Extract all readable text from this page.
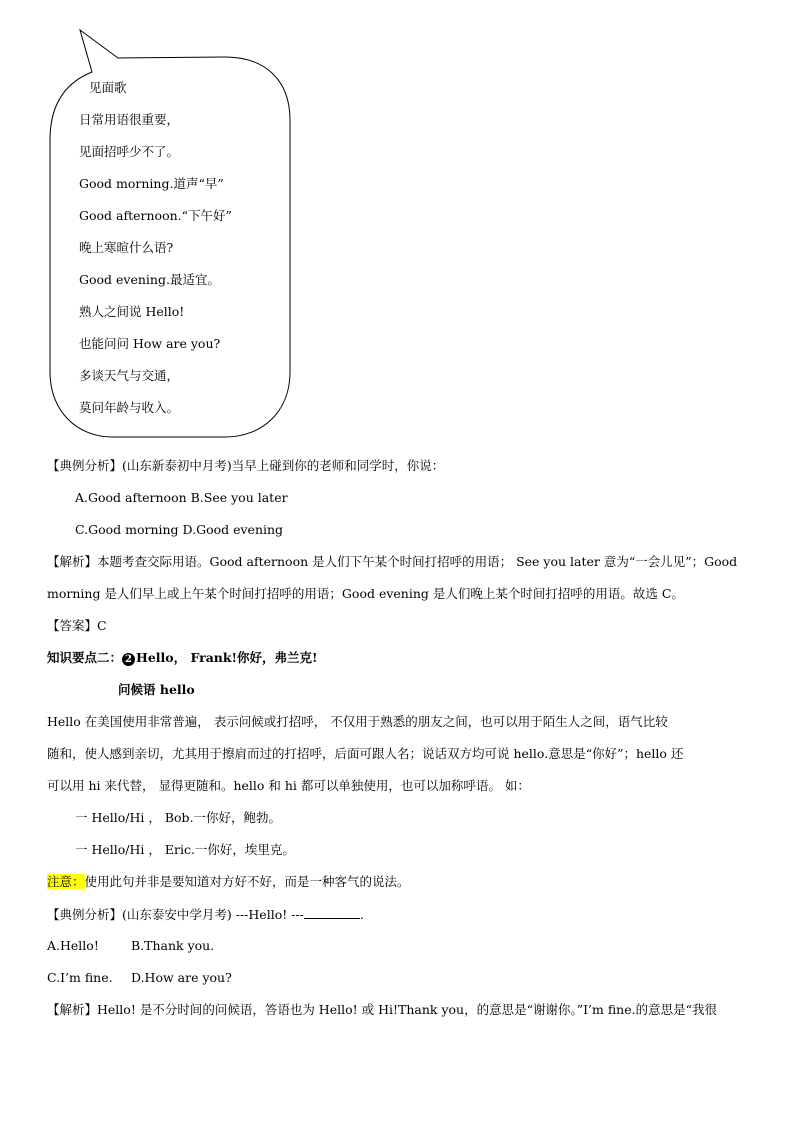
见面歌
日常用语很重要，
见面招呼少不了。
Good morning.道声“早”
Good afternoon.“下午好”
晚上寒暄什么语?
Good evening.最适宜。
熟人之间说 Hello!
也能问问 How are you?
多谈天气与交通，
莫问年龄与收入。
【典例分析】(山东新泰初中月考)当早上碰到你的老师和同学时，你说：
A.Good afternoon B.See you later
C.Good morning D.Good evening
【解析】本题考查交际用语。Good afternoon 是人们下午某个时间打招呼的用语； See you later 意为“一会儿见”；Good
morning 是人们早上或上午某个时间打招呼的用语；Good evening 是人们晚上某个时间打招呼的用语。故选 C。
【答案】C
知识要点二： 2 Hello， Frank!你好，弗兰克!
问候语 hello
Hello 在美国使用非常普遍， 表示问候或打招呼， 不仅用于熟悉的朋友之间，也可以用于陌生人之间，语气比较
随和，使人感到亲切，尤其用于擦肩而过的打招呼，后面可跟人名；说话双方均可说 hello.意思是“你好”；hello 还
可以用 hi 来代替， 显得更随和。hello 和 hi 都可以单独使用，也可以加称呼语。 如：
一 Hello/Hi ， Bob.一你好，鲍勃。
一 Hello/Hi ， Eric.一你好，埃里克。
注意：使用此句并非是要知道对方好不好，而是一种客气的说法。
【典例分析】(山东泰安中学月考) ---Hello! ---	.
A.Hello!	B.Thank you.
C.I’m fine. D.How are you?
【解析】Hello! 是不分时间的问候语，答语也为 Hello! 或 Hi!Thank you，的意思是“谢谢你。”I’m fine.的意思是“我很
